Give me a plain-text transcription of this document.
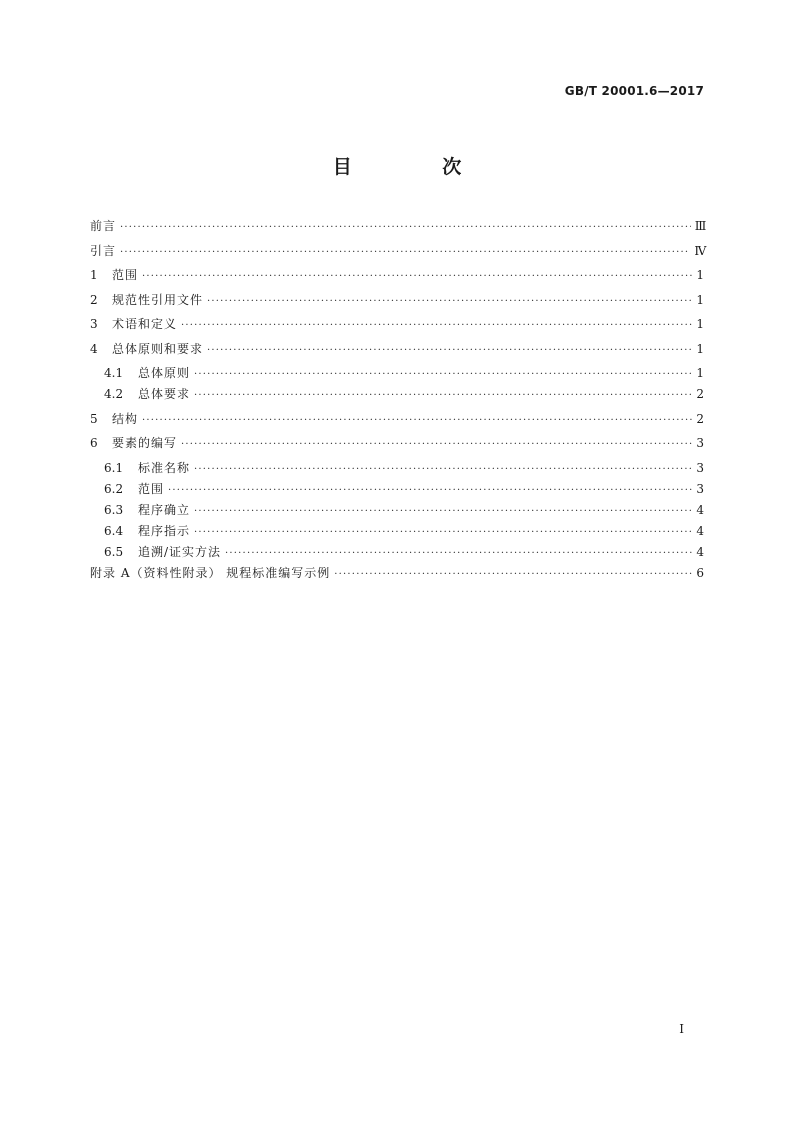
GB/T 20001.6—2017
目 次
前言 ·····	Ⅲ
引言 ·····	Ⅳ
1	范围 ·····	1
2	规范性引用文件 ·····	1
3	术语和定义 ·····	1
4	总体原则和要求 ·····	1
4.1	总体原则 ·····	1
4.2	总体要求 ·····	2
5	结构 ·····	2
6	要素的编写 ·····	3
6.1	标准名称 ·····	3
6.2	范围 ·····	3
6.3	程序确立 ·····	4
6.4	程序指示 ·····	4
6.5	追溯/证实方法 ·····	4
附录 A（资料性附录） 规程标准编写示例 ·····	6
I
